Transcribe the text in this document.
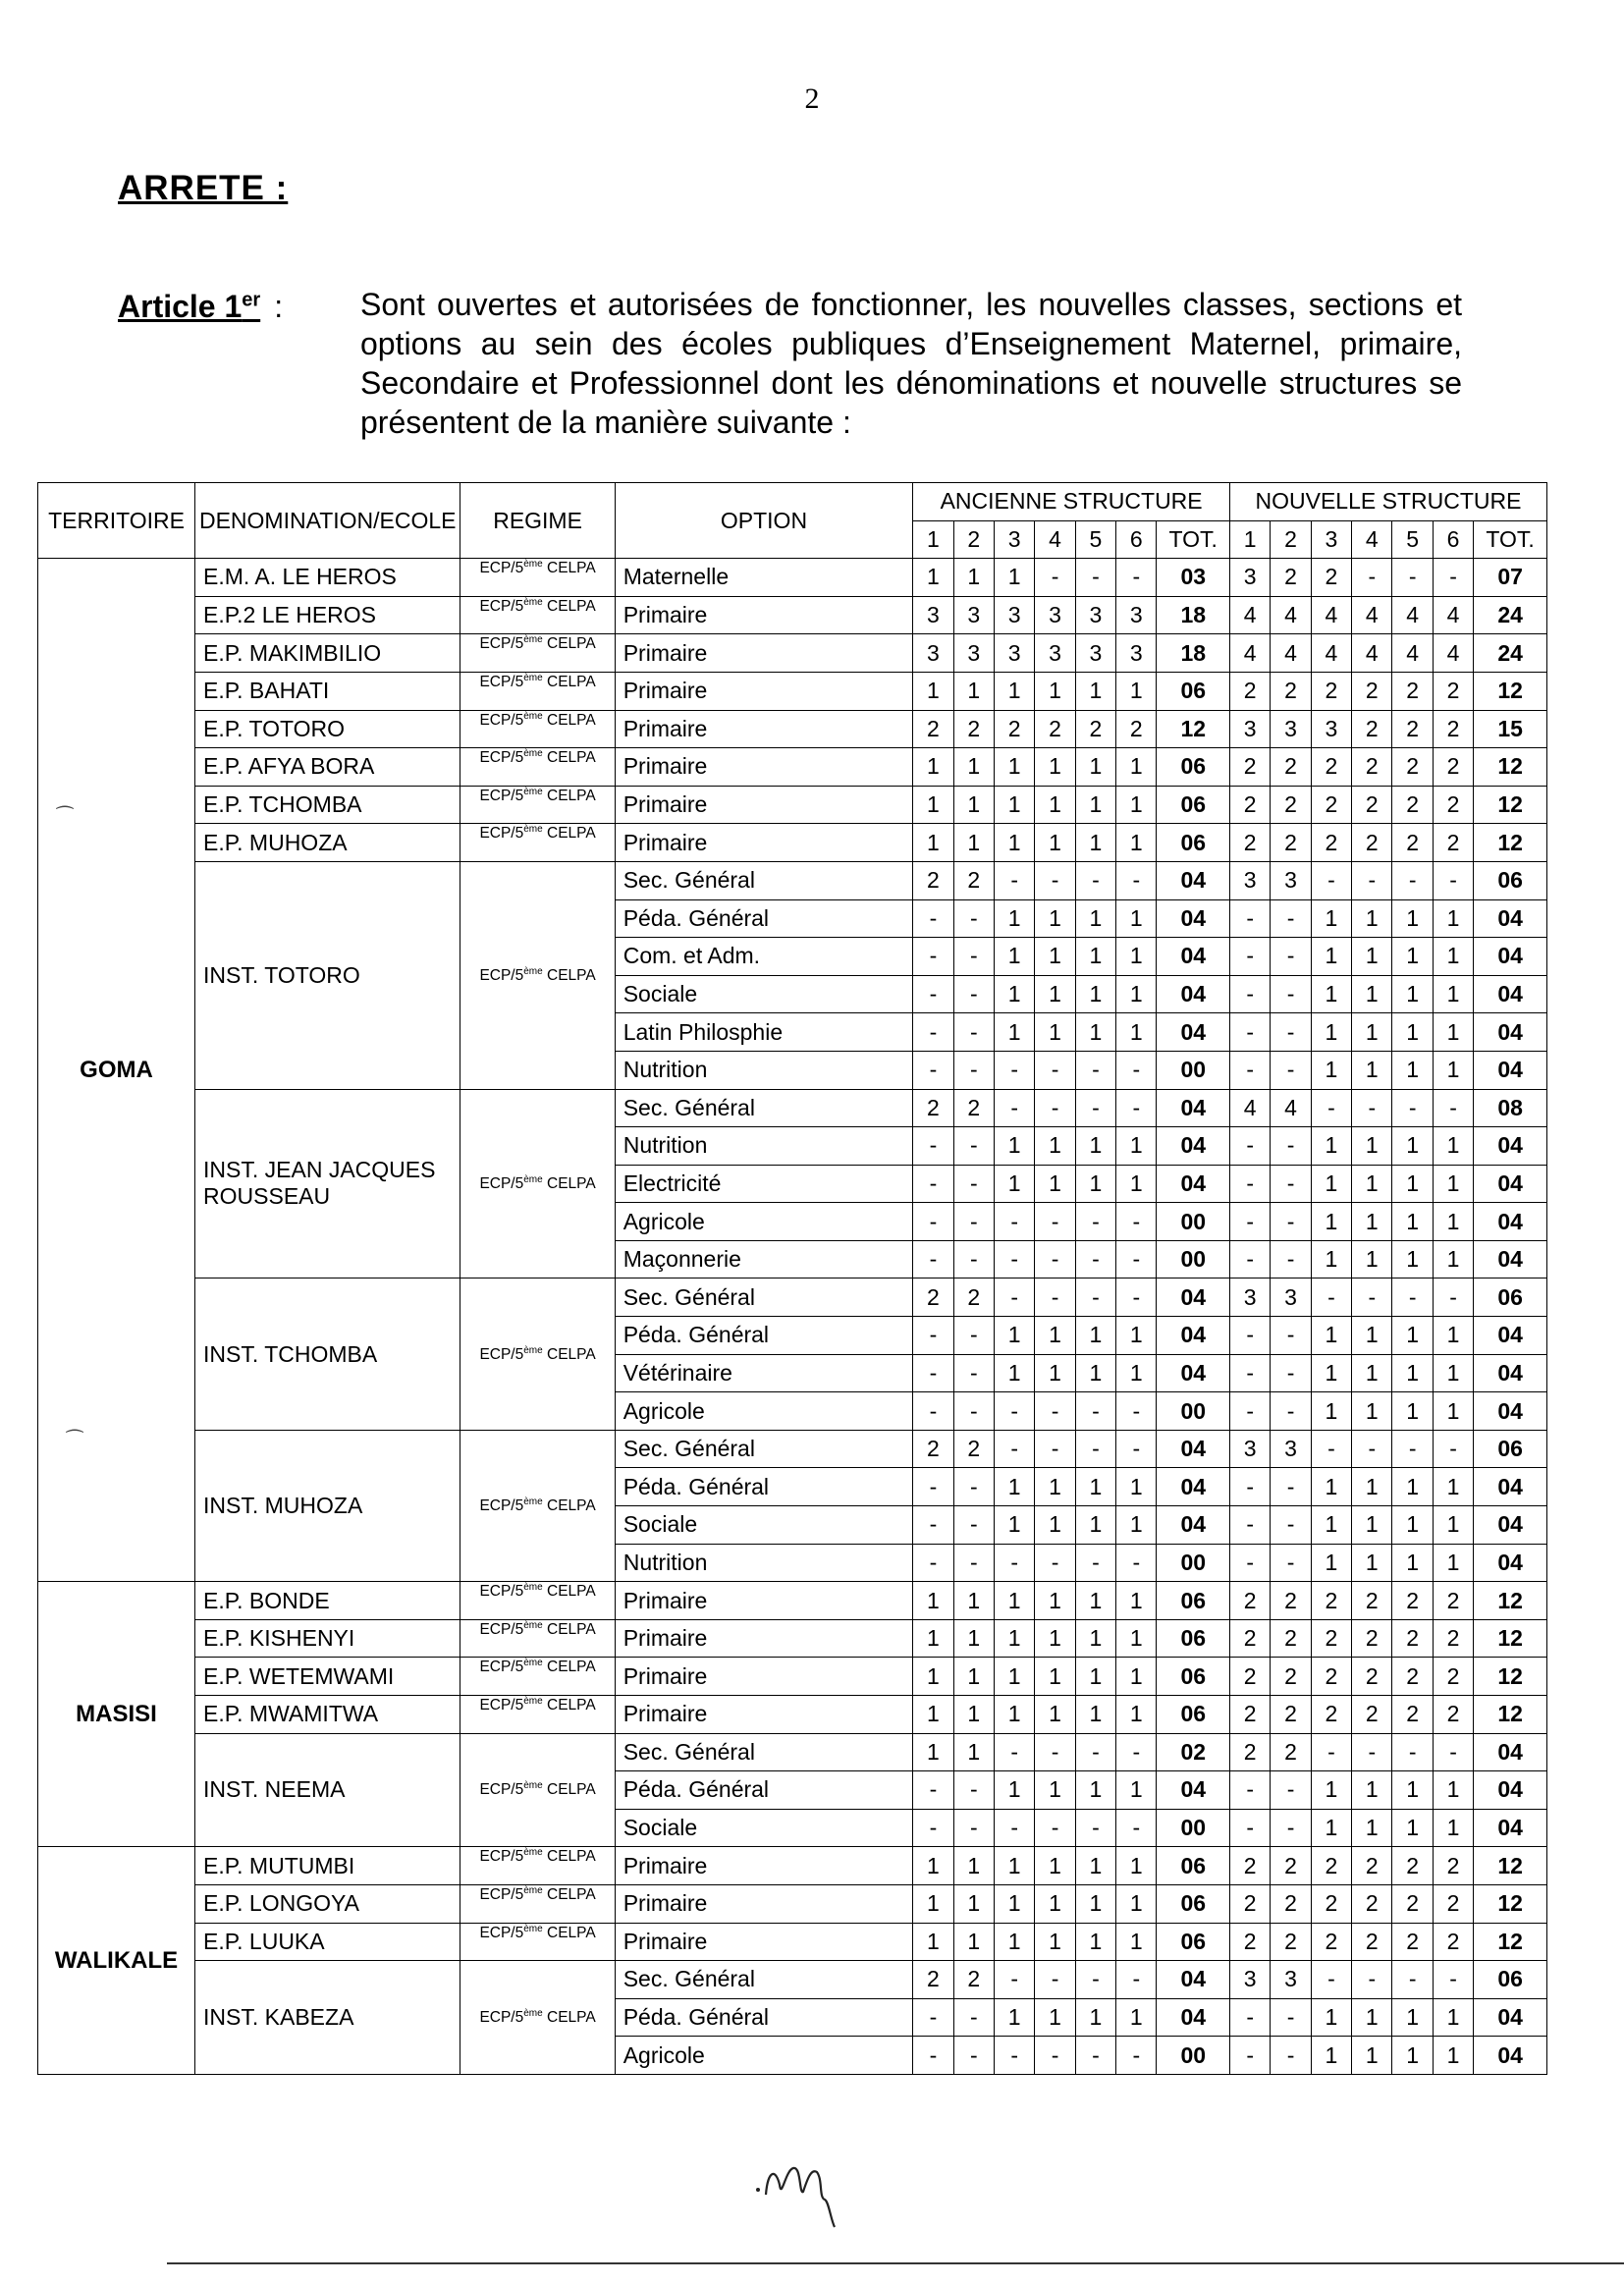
2
ARRETE :
Article 1er : Sont ouvertes et autorisées de fonctionner, les nouvelles classes, sections et options au sein des écoles publiques d’Enseignement Maternel, primaire, Secondaire et Professionnel dont les dénominations et nouvelle structures se présentent de la manière suivante :
TERRITOIRE	DENOMINATION/ECOLE	REGIME	OPTION	ANCIENNE STRUCTURE							NOUVELLE STRUCTURE						
				1	2	3	4	5	6	TOT.	1	2	3	4	5	6	TOT.
GOMA	E.M. A. LE HEROS	ECP/5ème CELPA	Maternelle	1	1	1	-	-	-	03	3	2	2	-	-	-	07

	E.P.2 LE HEROS	ECP/5ème CELPA	Primaire	3	3	3	3	3	3	18	4	4	4	4	4	4	24

	E.P. MAKIMBILIO	ECP/5ème CELPA	Primaire	3	3	3	3	3	3	18	4	4	4	4	4	4	24

	E.P. BAHATI	ECP/5ème CELPA	Primaire	1	1	1	1	1	1	06	2	2	2	2	2	2	12

	E.P. TOTORO	ECP/5ème CELPA	Primaire	2	2	2	2	2	2	12	3	3	3	2	2	2	15

	E.P. AFYA BORA	ECP/5ème CELPA	Primaire	1	1	1	1	1	1	06	2	2	2	2	2	2	12

	E.P. TCHOMBA	ECP/5ème CELPA	Primaire	1	1	1	1	1	1	06	2	2	2	2	2	2	12

	E.P. MUHOZA	ECP/5ème CELPA	Primaire	1	1	1	1	1	1	06	2	2	2	2	2	2	12

	INST. TOTORO	ECP/5ème CELPA	Sec. Général	2	2	-	-	-	-	04	3	3	-	-	-	-	06
			Péda. Général	-	-	1	1	1	1	04	-	-	1	1	1	1	04
			Com. et Adm.	-	-	1	1	1	1	04	-	-	1	1	1	1	04
			Sociale	-	-	1	1	1	1	04	-	-	1	1	1	1	04
			Latin Philosphie	-	-	1	1	1	1	04	-	-	1	1	1	1	04
			Nutrition	-	-	-	-	-	-	00	-	-	1	1	1	1	04

	INST. JEAN JACQUES
ROUSSEAU	ECP/5ème CELPA	Sec. Général	2	2	-	-	-	-	04	4	4	-	-	-	-	08
			Nutrition	-	-	1	1	1	1	04	-	-	1	1	1	1	04
			Electricité	-	-	1	1	1	1	04	-	-	1	1	1	1	04
			Agricole	-	-	-	-	-	-	00	-	-	1	1	1	1	04
			Maçonnerie	-	-	-	-	-	-	00	-	-	1	1	1	1	04

	INST. TCHOMBA	ECP/5ème CELPA	Sec. Général	2	2	-	-	-	-	04	3	3	-	-	-	-	06
			Péda. Général	-	-	1	1	1	1	04	-	-	1	1	1	1	04
			Vétérinaire	-	-	1	1	1	1	04	-	-	1	1	1	1	04
			Agricole	-	-	-	-	-	-	00	-	-	1	1	1	1	04

	INST. MUHOZA	ECP/5ème CELPA	Sec. Général	2	2	-	-	-	-	04	3	3	-	-	-	-	06
			Péda. Général	-	-	1	1	1	1	04	-	-	1	1	1	1	04
			Sociale	-	-	1	1	1	1	04	-	-	1	1	1	1	04
			Nutrition	-	-	-	-	-	-	00	-	-	1	1	1	1	04
MASISI	E.P. BONDE	ECP/5ème CELPA	Primaire	1	1	1	1	1	1	06	2	2	2	2	2	2	12

	E.P. KISHENYI	ECP/5ème CELPA	Primaire	1	1	1	1	1	1	06	2	2	2	2	2	2	12

	E.P. WETEMWAMI	ECP/5ème CELPA	Primaire	1	1	1	1	1	1	06	2	2	2	2	2	2	12

	E.P. MWAMITWA	ECP/5ème CELPA	Primaire	1	1	1	1	1	1	06	2	2	2	2	2	2	12

	INST. NEEMA	ECP/5ème CELPA	Sec. Général	1	1	-	-	-	-	02	2	2	-	-	-	-	04
			Péda. Général	-	-	1	1	1	1	04	-	-	1	1	1	1	04
			Sociale	-	-	-	-	-	-	00	-	-	1	1	1	1	04
WALIKALE	E.P. MUTUMBI	ECP/5ème CELPA	Primaire	1	1	1	1	1	1	06	2	2	2	2	2	2	12

	E.P. LONGOYA	ECP/5ème CELPA	Primaire	1	1	1	1	1	1	06	2	2	2	2	2	2	12

	E.P. LUUKA	ECP/5ème CELPA	Primaire	1	1	1	1	1	1	06	2	2	2	2	2	2	12

	INST. KABEZA	ECP/5ème CELPA	Sec. Général	2	2	-	-	-	-	04	3	3	-	-	-	-	06
			Péda. Général	-	-	1	1	1	1	04	-	-	1	1	1	1	04
			Agricole	-	-	-	-	-	-	00	-	-	1	1	1	1	04
⁀
⁀
